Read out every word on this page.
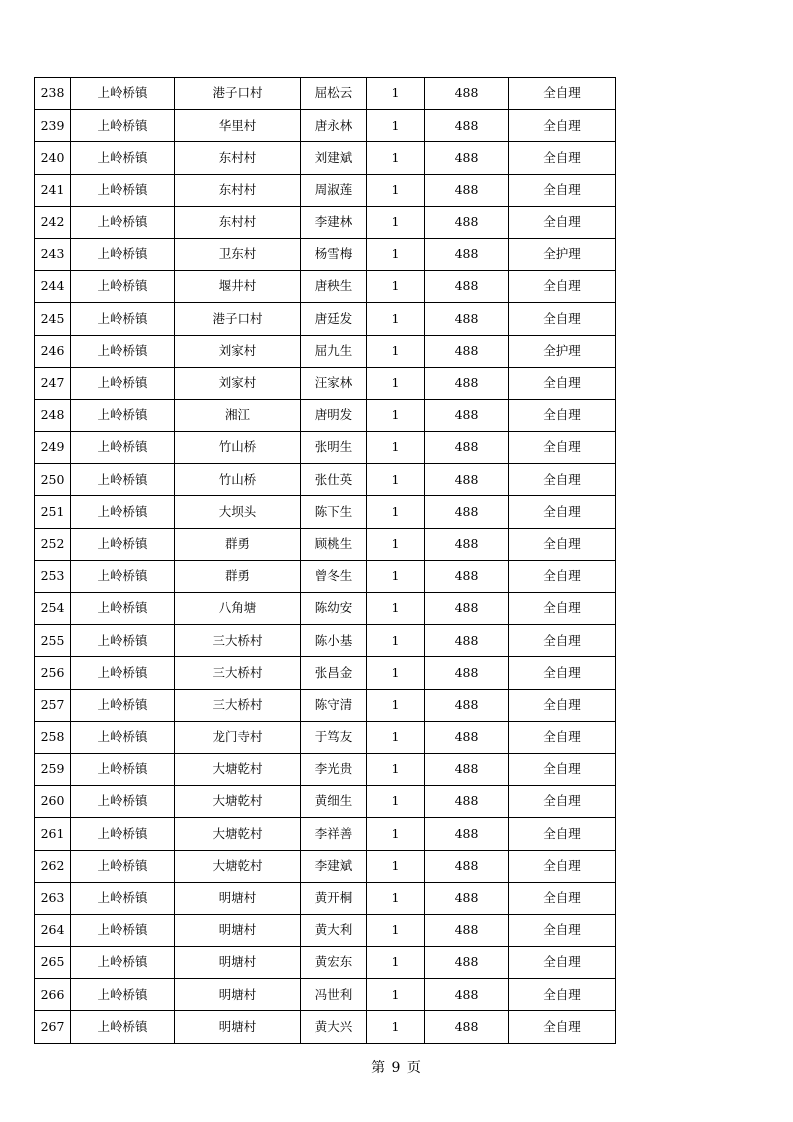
238	上岭桥镇	港子口村	屈松云	1	488	全自理
239	上岭桥镇	华里村	唐永林	1	488	全自理
240	上岭桥镇	东村村	刘建斌	1	488	全自理
241	上岭桥镇	东村村	周淑莲	1	488	全自理
242	上岭桥镇	东村村	李建林	1	488	全自理
243	上岭桥镇	卫东村	杨雪梅	1	488	全护理
244	上岭桥镇	堰井村	唐秧生	1	488	全自理
245	上岭桥镇	港子口村	唐廷发	1	488	全自理
246	上岭桥镇	刘家村	屈九生	1	488	全护理
247	上岭桥镇	刘家村	汪家林	1	488	全自理
248	上岭桥镇	湘江	唐明发	1	488	全自理
249	上岭桥镇	竹山桥	张明生	1	488	全自理
250	上岭桥镇	竹山桥	张仕英	1	488	全自理
251	上岭桥镇	大坝头	陈下生	1	488	全自理
252	上岭桥镇	群勇	顾桃生	1	488	全自理
253	上岭桥镇	群勇	曾冬生	1	488	全自理
254	上岭桥镇	八角塘	陈幼安	1	488	全自理
255	上岭桥镇	三大桥村	陈小基	1	488	全自理
256	上岭桥镇	三大桥村	张昌金	1	488	全自理
257	上岭桥镇	三大桥村	陈守清	1	488	全自理
258	上岭桥镇	龙门寺村	于笃友	1	488	全自理
259	上岭桥镇	大塘乾村	李光贵	1	488	全自理
260	上岭桥镇	大塘乾村	黄细生	1	488	全自理
261	上岭桥镇	大塘乾村	李祥善	1	488	全自理
262	上岭桥镇	大塘乾村	李建斌	1	488	全自理
263	上岭桥镇	明塘村	黄开桐	1	488	全自理
264	上岭桥镇	明塘村	黄大利	1	488	全自理
265	上岭桥镇	明塘村	黄宏东	1	488	全自理
266	上岭桥镇	明塘村	冯世利	1	488	全自理
267	上岭桥镇	明塘村	黄大兴	1	488	全自理
第 9 页
